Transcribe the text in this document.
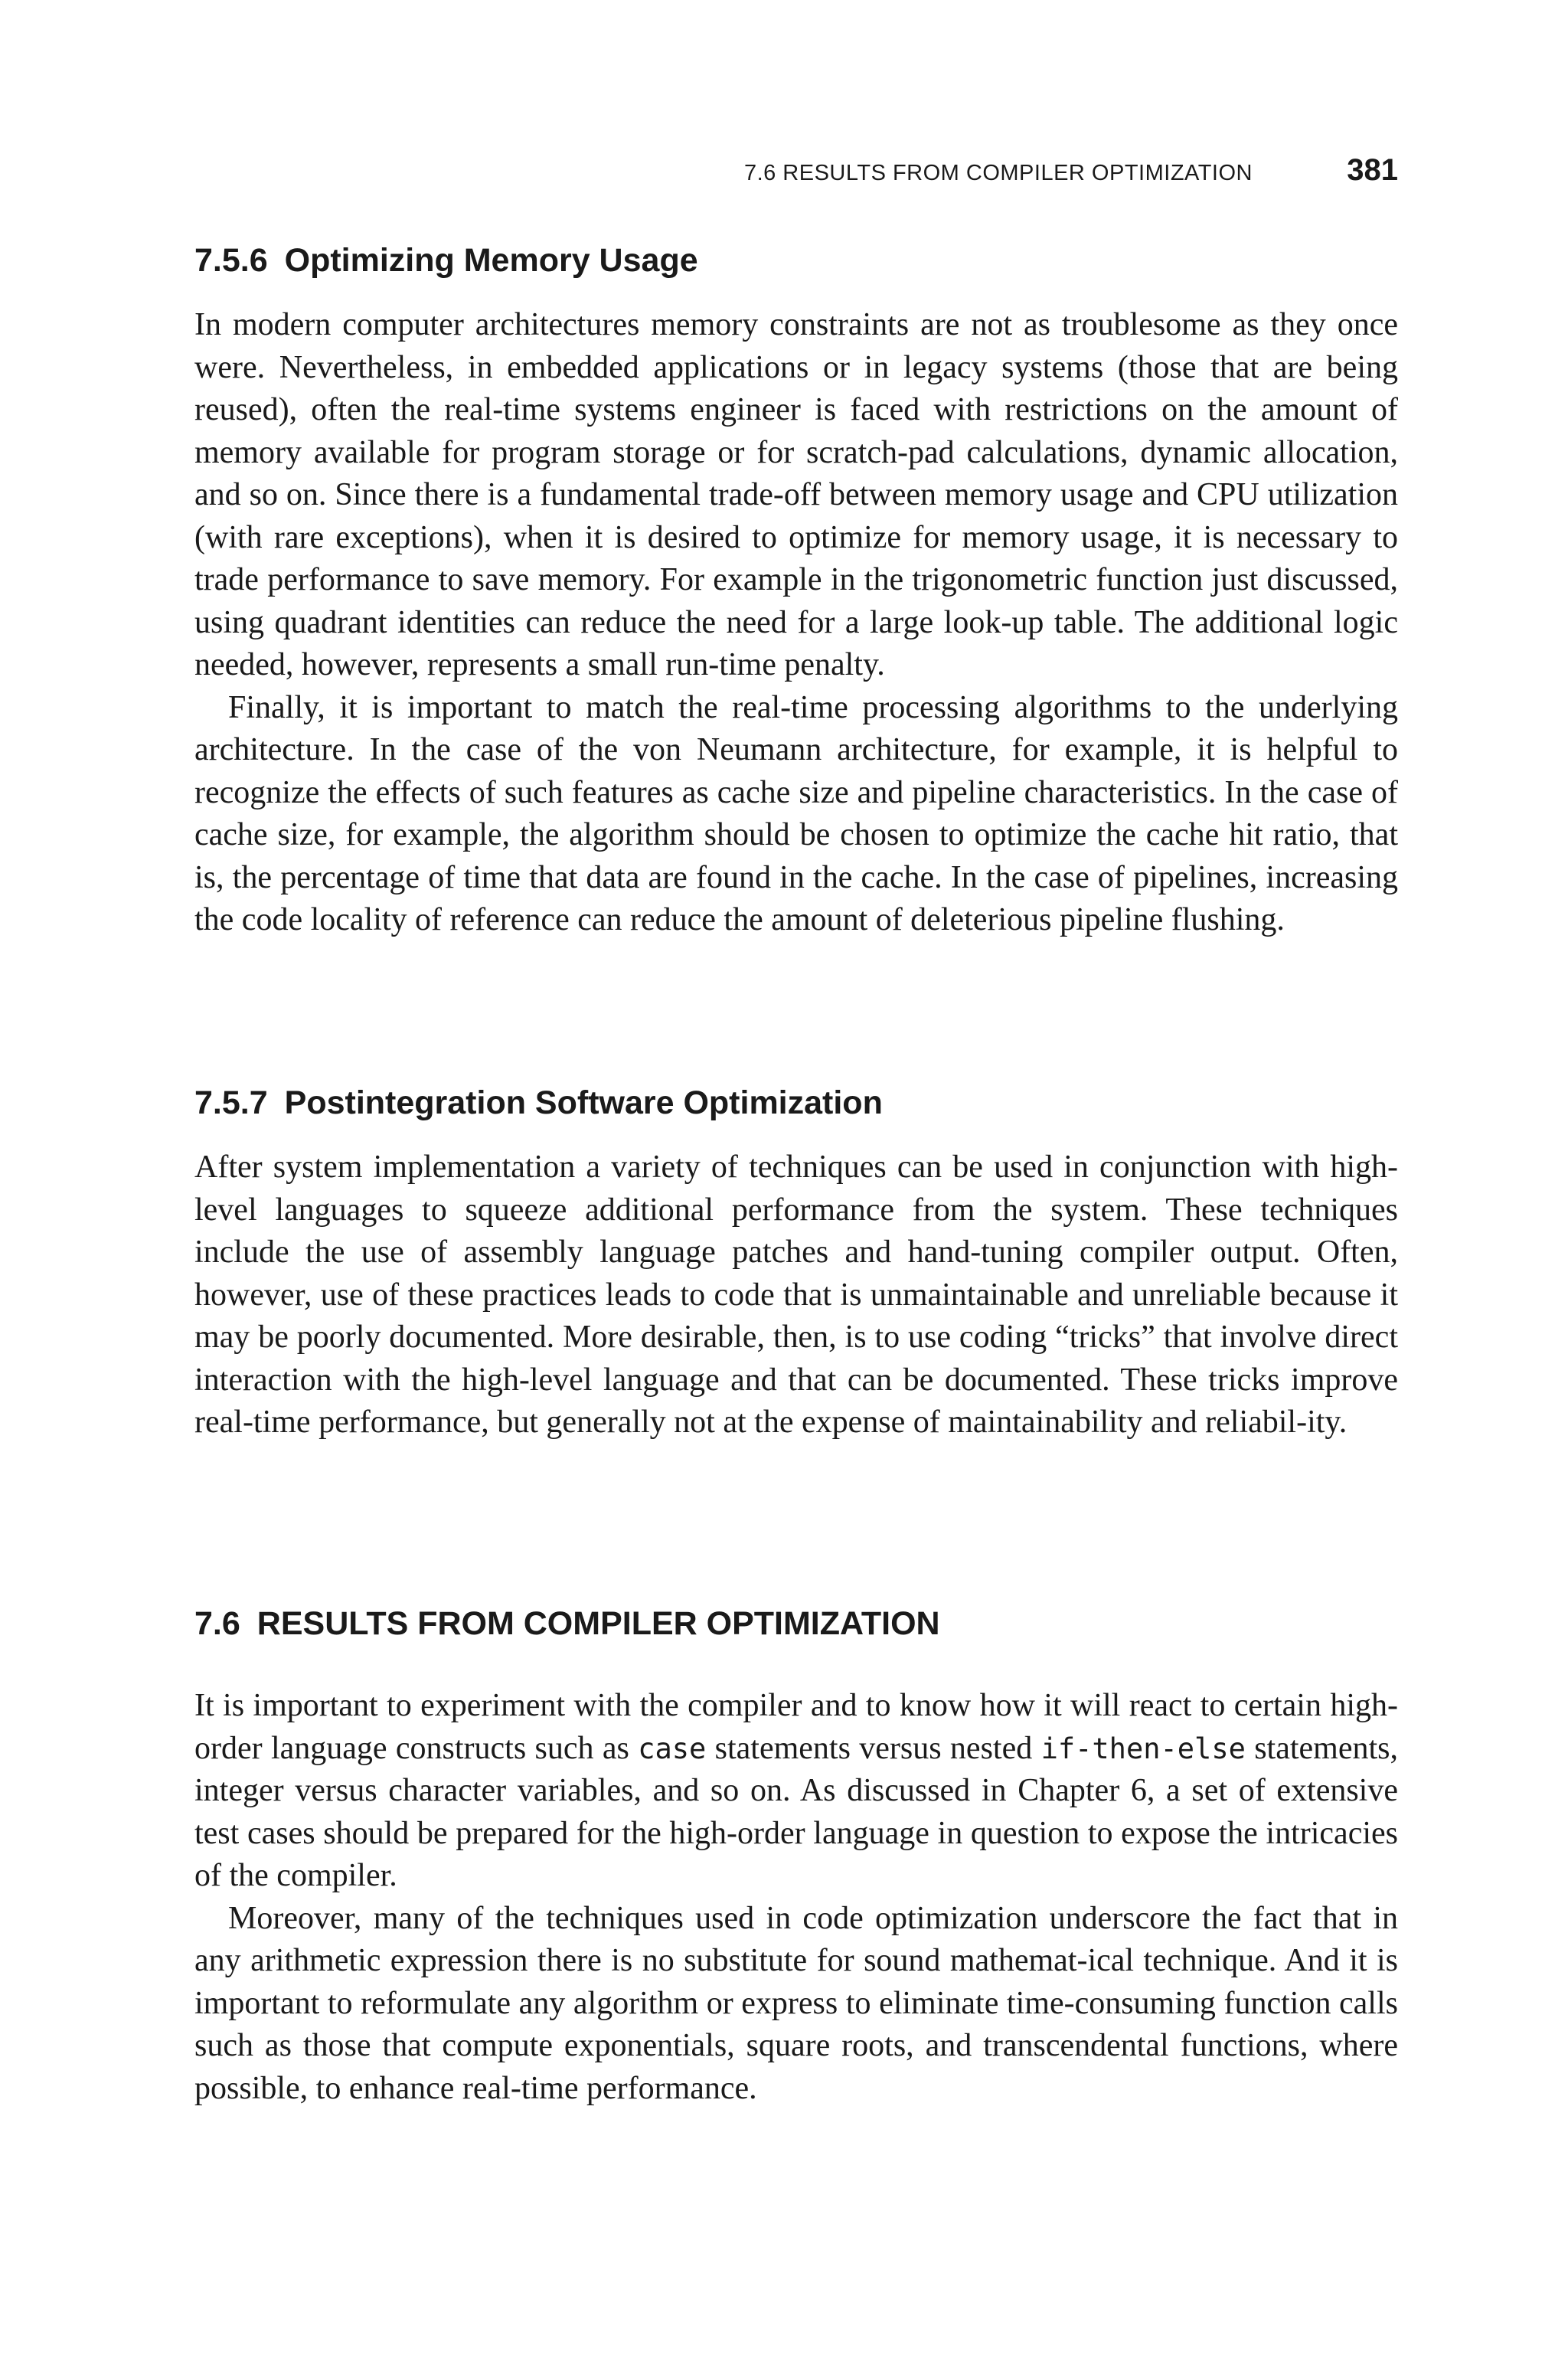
7.6 RESULTS FROM COMPILER OPTIMIZATION	381
7.5.6 Optimizing Memory Usage

In modern computer architectures memory constraints are not as troublesome as they once were. Nevertheless, in embedded applications or in legacy systems (those that are being reused), often the real-time systems engineer is faced with restrictions on the amount of memory available for program storage or for scratch-pad calculations, dynamic allocation, and so on. Since there is a fundamental trade-off between memory usage and CPU utilization (with rare exceptions), when it is desired to optimize for memory usage, it is necessary to trade performance to save memory. For example in the trigonometric function just discussed, using quadrant identities can reduce the need for a large look-up table. The additional logic needed, however, represents a small run-time penalty.

Finally, it is important to match the real-time processing algorithms to the underlying architecture. In the case of the von Neumann architecture, for example, it is helpful to recognize the effects of such features as cache size and pipeline characteristics. In the case of cache size, for example, the algorithm should be chosen to optimize the cache hit ratio, that is, the percentage of time that data are found in the cache. In the case of pipelines, increasing the code locality of reference can reduce the amount of deleterious pipeline flushing.

7.5.7 Postintegration Software Optimization

After system implementation a variety of techniques can be used in conjunction with high-level languages to squeeze additional performance from the system. These techniques include the use of assembly language patches and hand-tuning compiler output. Often, however, use of these practices leads to code that is unmaintainable and unreliable because it may be poorly documented. More desirable, then, is to use coding “tricks” that involve direct interaction with the high-level language and that can be documented. These tricks improve real-time performance, but generally not at the expense of maintainability and reliabil-ity.

7.6 RESULTS FROM COMPILER OPTIMIZATION

It is important to experiment with the compiler and to know how it will react to certain high-order language constructs such as case statements versus nested if-then-else statements, integer versus character variables, and so on. As discussed in Chapter 6, a set of extensive test cases should be prepared for the high-order language in question to expose the intricacies of the compiler.

Moreover, many of the techniques used in code optimization underscore the fact that in any arithmetic expression there is no substitute for sound mathemat-ical technique. And it is important to reformulate any algorithm or express to eliminate time-consuming function calls such as those that compute exponentials, square roots, and transcendental functions, where possible, to enhance real-time performance.
